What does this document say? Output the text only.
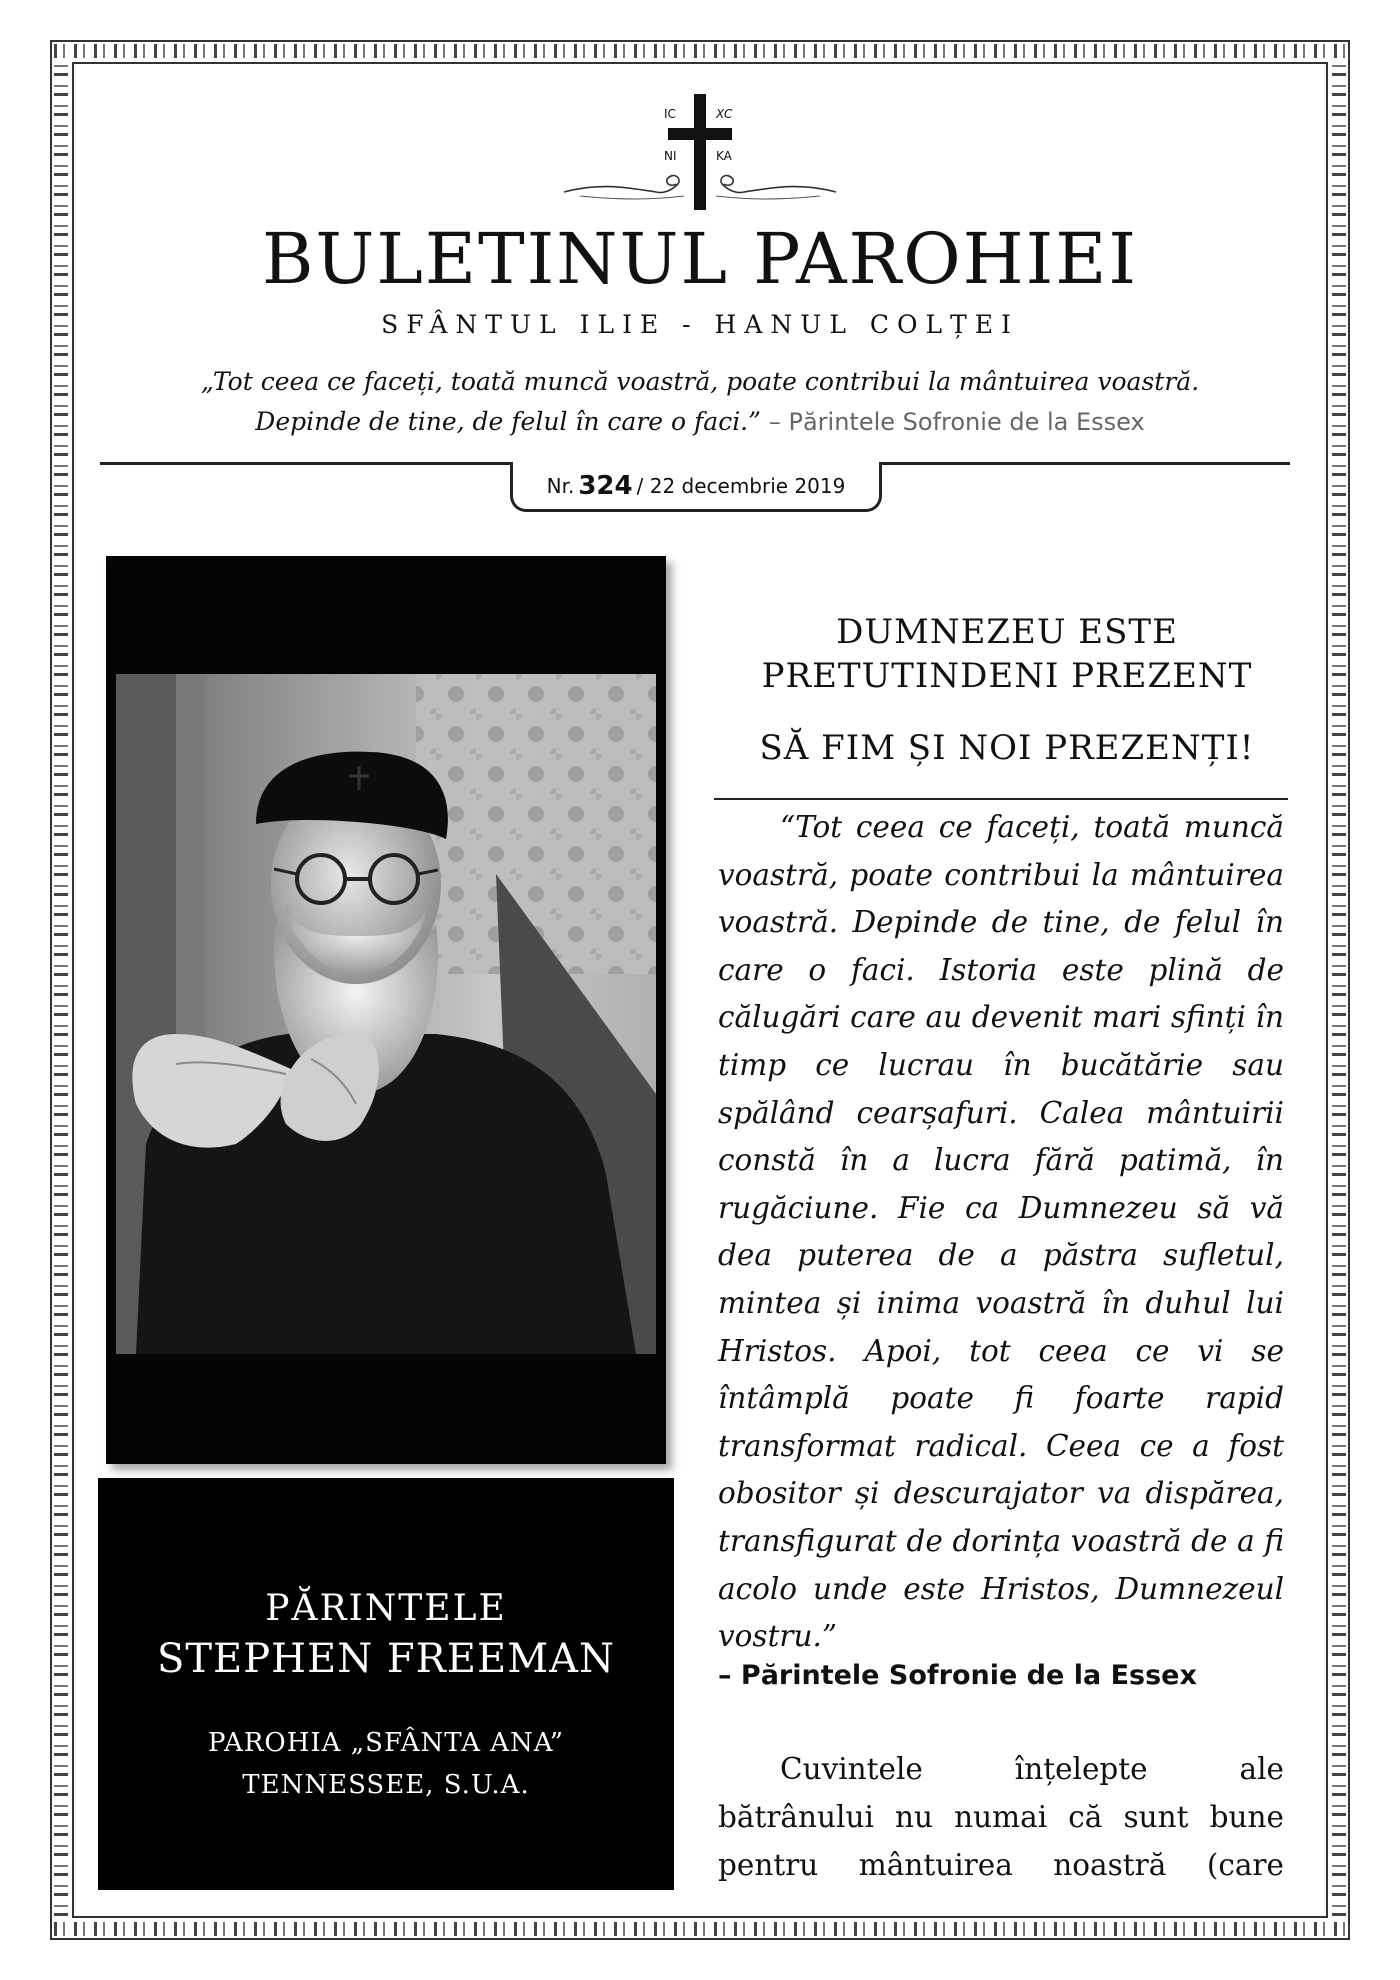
IC	XC
NI	KA
BULETINUL PAROHIEI
SFÂNTUL ILIE - HANUL COLȚEI
„Tot ceea ce faceți, toată muncă voastră, poate contribui la mântuirea voastră.
Depinde de tine, de felul în care o faci.” – Părintele Sofronie de la Essex
Nr. 324 / 22 decembrie 2019
PĂRINTELE
STEPHEN FREEMAN
PAROHIA „SFÂNTA ANA”
TENNESSEE, S.U.A.
DUMNEZEU ESTE
PRETUTINDENI PREZENT
SĂ FIM ȘI NOI PREZENȚI!

“Tot ceea ce faceți, toată muncă voastră, poate contribui la mântuirea voastră. Depinde de tine, de felul în care o faci. Istoria este plină de călugări care au devenit mari sfinți în timp ce lucrau în bucătărie sau spălând cearșafuri. Calea mântuirii constă în a lucra fără patimă, în rugăciune. Fie ca Dumnezeu să vă dea puterea de a păstra sufletul, mintea și inima voastră în duhul lui Hristos. Apoi, tot ceea ce vi se întâmplă poate fi foarte rapid transformat radical. Ceea ce a fost obositor și descurajator va dispărea, transfigurat de dorința voastră de a fi acolo unde este Hristos, Dumnezeul vostru.”

– Părintele Sofronie de la Essex
Cuvintele înțelepte ale
bătrânului nu numai că sunt bune
pentru mântuirea noastră (care
